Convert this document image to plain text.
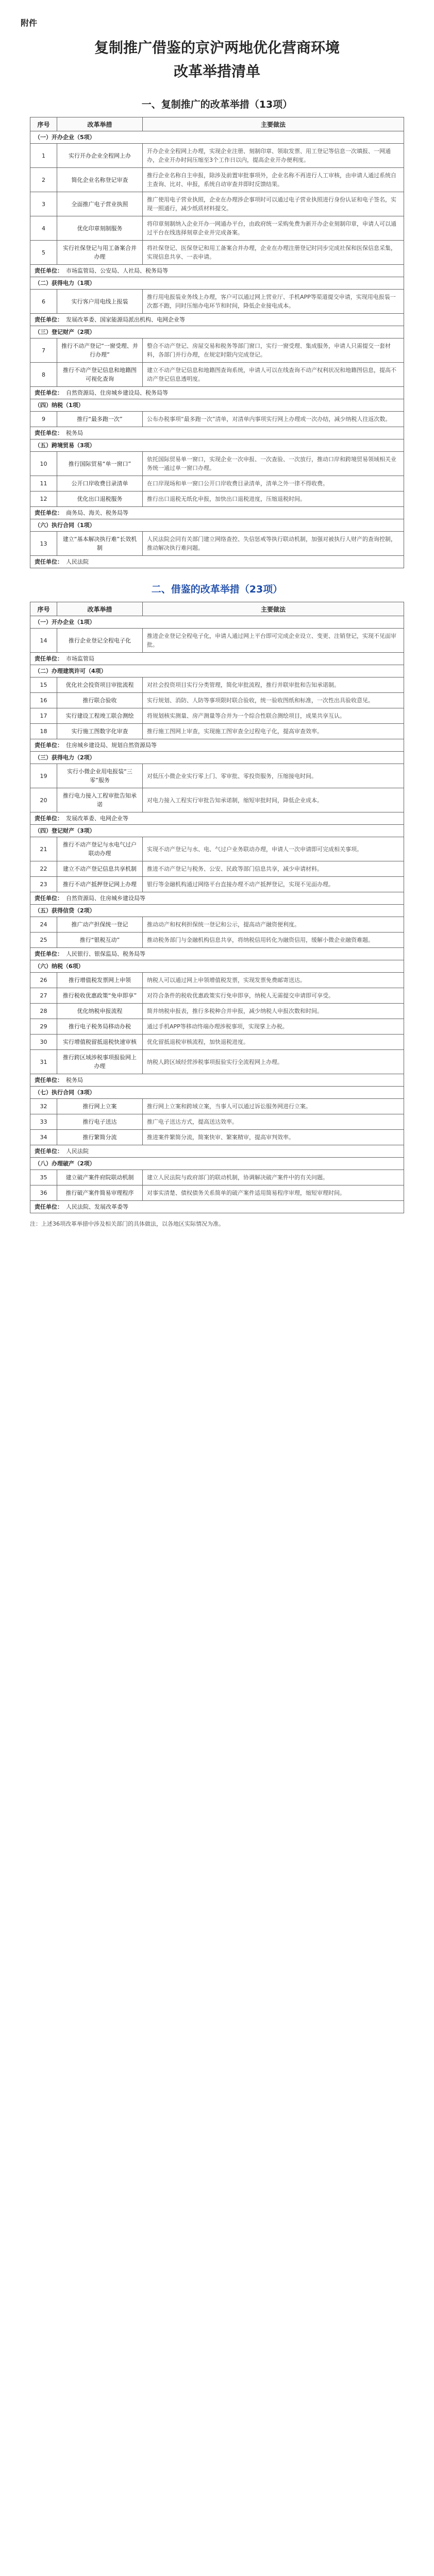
附件
复制推广借鉴的京沪两地优化营商环境
改革举措清单
一、复制推广的改革举措（13项）
序号	改革举措	主要做法
（一）开办企业（5项）		
1	实行开办企业全程网上办	开办企业全程网上办理，实现企业注册、刻制印章、领取发票、用工登记等信息一次填报、一网通办，企业开办时间压缩至3个工作日以内，提高企业开办便利度。
2	简化企业名称登记审查	推行企业名称自主申报，除涉及前置审批事项外，企业名称不再进行人工审核，由申请人通过系统自主查询、比对、申报，系统自动审查并即时反馈结果。
3	全面推广电子营业执照	推广使用电子营业执照，企业在办理涉企事项时可以通过电子营业执照进行身份认证和电子签名，实现一照通行，减少纸质材料提交。
4	优化印章刻制服务	将印章刻制纳入企业开办一网通办平台，由政府统一采购免费为新开办企业刻制印章，申请人可以通过平台在线选择刻章企业并完成备案。
5	实行社保登记与用工备案合并办理	将社保登记、医保登记和用工备案合并办理，企业在办理注册登记时同步完成社保和医保信息采集，实现信息共享、一表申请。
责任单位： 市场监管局、公安局、人社局、税务局等		
（二）获得电力（1项）		
6	实行客户用电线上报装	推行用电报装业务线上办理，客户可以通过网上营业厅、手机APP等渠道提交申请，实现用电报装一次都不跑，同时压缩办电环节和时间，降低企业接电成本。
责任单位： 发展改革委、国家能源局派出机构、电网企业等		
（三）登记财产（2项）		
7	推行不动产登记“一窗受理、并行办理”	整合不动产登记、房屋交易和税务等部门窗口，实行一窗受理、集成服务，申请人只需提交一套材料，各部门并行办理，在规定时限内完成登记。
8	推行不动产登记信息和地籍图可视化查询	建立不动产登记信息和地籍图查询系统，申请人可以在线查询不动产权利状况和地籍图信息，提高不动产登记信息透明度。
责任单位： 自然资源局、住房城乡建设局、税务局等		
（四）纳税（1项）		
9	推行“最多跑一次”	公布办税事项“最多跑一次”清单，对清单内事项实行网上办理或一次办结，减少纳税人往返次数。
责任单位： 税务局		
（五）跨境贸易（3项）		
10	推行国际贸易“单一窗口”	依托国际贸易单一窗口，实现企业一次申报、一次查验、一次放行，推动口岸和跨境贸易领域相关业务统一通过单一窗口办理。
11	公开口岸收费目录清单	在口岸现场和单一窗口公开口岸收费目录清单，清单之外一律不得收费。
12	优化出口退税服务	推行出口退税无纸化申报，加快出口退税进度，压缩退税时间。
责任单位： 商务局、海关、税务局等		
（六）执行合同（1项）		
13	建立“基本解决执行难”长效机制	人民法院会同有关部门建立网络查控、失信惩戒等执行联动机制，加强对被执行人财产的查询控制，推动解决执行难问题。
责任单位： 人民法院		
二、借鉴的改革举措（23项）
序号	改革举措	主要做法
（一）开办企业（1项）		
14	推行企业登记全程电子化	推进企业登记全程电子化，申请人通过网上平台即可完成企业设立、变更、注销登记，实现不见面审批。
责任单位： 市场监管局		
（二）办理建筑许可（4项）		
15	优化社会投资项目审批流程	对社会投资项目实行分类管理，简化审批流程，推行并联审批和告知承诺制。
16	推行联合验收	实行规划、消防、人防等事项限时联合验收，统一验收图纸和标准，一次性出具验收意见。
17	实行建设工程竣工联合测绘	将规划核实测量、房产测量等合并为一个综合性联合测绘项目，成果共享互认。
18	实行施工图数字化审查	推行施工图网上审查，实现施工图审查全过程电子化，提高审查效率。
责任单位： 住房城乡建设局、规划自然资源局等		
（三）获得电力（2项）		
19	实行小微企业用电报装“三零”服务	对低压小微企业实行零上门、零审批、零投资服务，压缩接电时间。
20	推行电力接入工程审批告知承诺	对电力接入工程实行审批告知承诺制，缩短审批时间，降低企业成本。
责任单位： 发展改革委、电网企业等		
（四）登记财产（3项）		
21	推行不动产登记与水电气过户联动办理	实现不动产登记与水、电、气过户业务联动办理，申请人一次申请即可完成相关事项。
22	建立不动产登记信息共享机制	推进不动产登记与税务、公安、民政等部门信息共享，减少申请材料。
23	推行不动产抵押登记网上办理	银行等金融机构通过网络平台直接办理不动产抵押登记，实现不见面办理。
责任单位： 自然资源局、住房城乡建设局等		
（五）获得信贷（2项）		
24	推广动产担保统一登记	推动动产和权利担保统一登记和公示，提高动产融资便利度。
25	推行“银税互动”	推动税务部门与金融机构信息共享，将纳税信用转化为融资信用，缓解小微企业融资难题。
责任单位： 人民银行、银保监局、税务局等		
（六）纳税（6项）		
26	推行增值税发票网上申领	纳税人可以通过网上申领增值税发票，实现发票免费邮寄送达。
27	推行税收优惠政策“免申即享”	对符合条件的税收优惠政策实行免申即享，纳税人无需提交申请即可享受。
28	优化纳税申报流程	简并纳税申报表，推行多税种合并申报，减少纳税人申报次数和时间。
29	推行电子税务局移动办税	通过手机APP等移动终端办理涉税事项，实现掌上办税。
30	实行增值税留抵退税快速审核	优化留抵退税审核流程，加快退税进度。
31	推行跨区域涉税事项报验网上办理	纳税人跨区域经营涉税事项报验实行全流程网上办理。
责任单位： 税务局		
（七）执行合同（3项）		
32	推行网上立案	推行网上立案和跨域立案，当事人可以通过诉讼服务网进行立案。
33	推行电子送达	推广电子送达方式，提高送达效率。
34	推行繁简分流	推进案件繁简分流，简案快审、繁案精审，提高审判效率。
责任单位： 人民法院		
（八）办理破产（2项）		
35	建立破产案件府院联动机制	建立人民法院与政府部门的联动机制，协调解决破产案件中的有关问题。
36	推行破产案件简易审理程序	对事实清楚、债权债务关系简单的破产案件适用简易程序审理，缩短审理时间。
责任单位： 人民法院、发展改革委等		
注：上述36项改革举措中涉及相关部门的具体做法，以各地区实际情况为准。
